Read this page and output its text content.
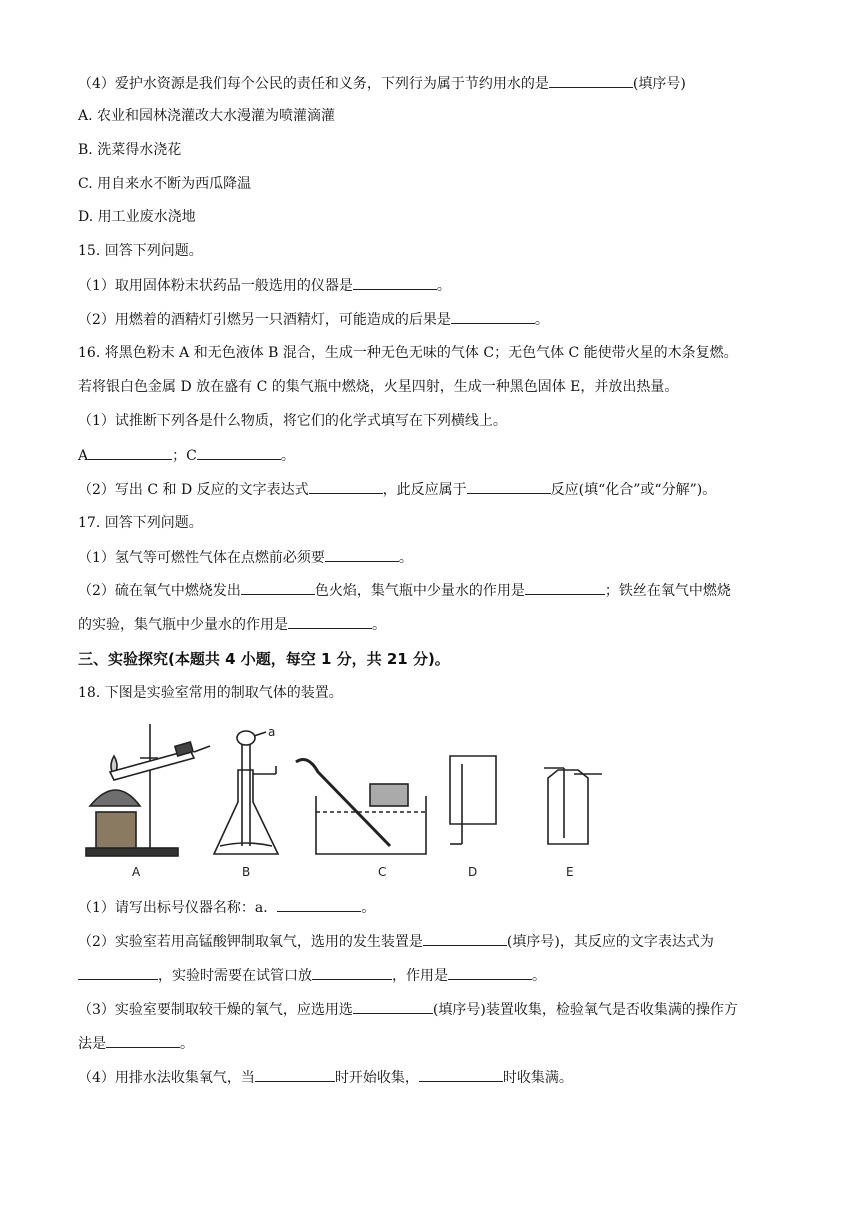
（4）爱护水资源是我们每个公民的责任和义务，下列行为属于节约用水的是	(填序号)
A. 农业和园林浇灌改大水漫灌为喷灌滴灌
B. 洗菜得水浇花
C. 用自来水不断为西瓜降温
D. 用工业废水浇地
15. 回答下列问题。
（1）取用固体粉末状药品一般选用的仪器是	。
（2）用燃着的酒精灯引燃另一只酒精灯，可能造成的后果是	。
16. 将黑色粉末 A 和无色液体 B 混合，生成一种无色无味的气体 C；无色气体 C 能使带火星的木条复燃。
若将银白色金属 D 放在盛有 C 的集气瓶中燃烧，火星四射，生成一种黑色固体 E，并放出热量。
（1）试推断下列各是什么物质，将它们的化学式填写在下列横线上。
A	；C	。
（2）写出 C 和 D 反应的文字表达式	，此反应属于	反应(填“化合”或“分解”)。
17. 回答下列问题。
（1）氢气等可燃性气体在点燃前必须要	。
（2）硫在氧气中燃烧发出	色火焰，集气瓶中少量水的作用是	；铁丝在氧气中燃烧
的实验，集气瓶中少量水的作用是	。
三、实验探究(本题共 4 小题，每空 1 分，共 21 分)。
18. 下图是实验室常用的制取气体的装置。
A
a
B	C	D	E
（1）请写出标号仪器名称：a．	。
（2）实验室若用高锰酸钾制取氧气，选用的发生装置是	(填序号)，其反应的文字表达式为
，实验时需要在试管口放	，作用是	。
（3）实验室要制取较干燥的氧气，应选用选	(填序号)装置收集，检验氧气是否收集满的操作方
法是	。
（4）用排水法收集氧气，当	时开始收集，	时收集满。
